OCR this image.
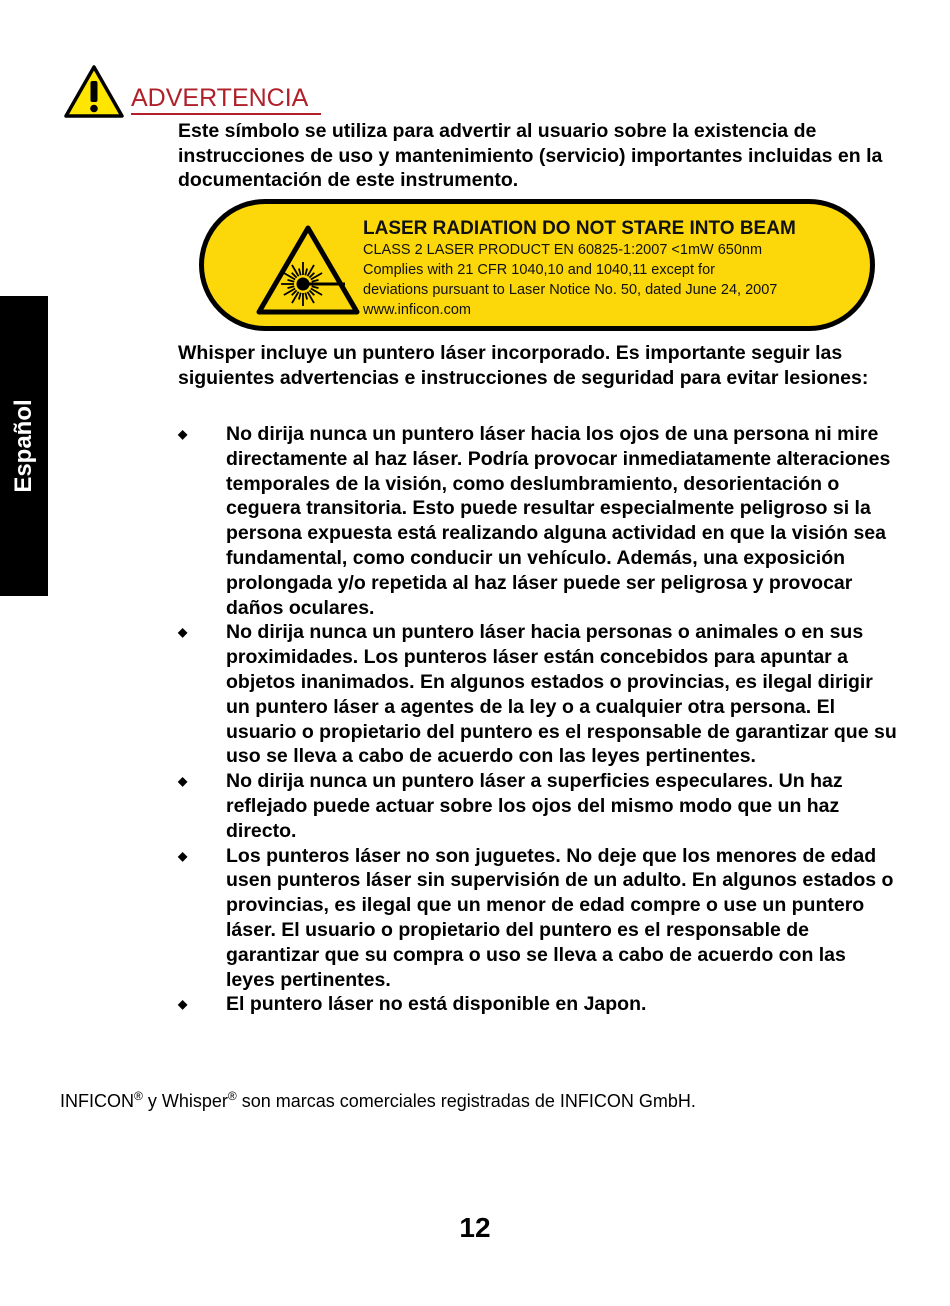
Español
ADVERTENCIA
Este símbolo se utiliza para advertir al usuario sobre la existencia de instrucciones de uso y mantenimiento (servicio) importantes incluidas en la documentación de este instrumento.
LASER RADIATION DO NOT STARE INTO BEAM
CLASS 2 LASER PRODUCT EN 60825-1:2007 <1mW 650nm
Complies with 21 CFR 1040,10 and 1040,11 except for
deviations pursuant to Laser Notice No. 50, dated June 24, 2007
www.inficon.com
Whisper incluye un puntero láser incorporado. Es importante seguir las siguientes advertencias e instrucciones de seguridad para evitar lesiones:
◆ No dirija nunca un puntero láser hacia los ojos de una persona ni mire directamente al haz láser. Podría provocar inmediatamente alteraciones temporales de la visión, como deslumbramiento, desorientación o ceguera transitoria. Esto puede resultar especialmente peligroso si la persona expuesta está realizando alguna actividad en que la visión sea fundamental, como conducir un vehículo. Además, una exposición prolongada y/o repetida al haz láser puede ser peligrosa y provocar daños oculares.
◆ No dirija nunca un puntero láser hacia personas o animales o en sus proximidades. Los punteros láser están concebidos para apuntar a objetos inanimados. En algunos estados o provincias, es ilegal dirigir un puntero láser a agentes de la ley o a cualquier otra persona. El usuario o propietario del puntero es el responsable de garantizar que su uso se lleva a cabo de acuerdo con las leyes pertinentes.
◆ No dirija nunca un puntero láser a superficies especulares. Un haz reflejado puede actuar sobre los ojos del mismo modo que un haz directo.
◆ Los punteros láser no son juguetes. No deje que los menores de edad usen punteros láser sin supervisión de un adulto. En algunos estados o provincias, es ilegal que un menor de edad compre o use un puntero láser. El usuario o propietario del puntero es el responsable de garantizar que su compra o uso se lleva a cabo de acuerdo con las leyes pertinentes.
◆ El puntero láser no está disponible en Japon.
INFICON® y Whisper® son marcas comerciales registradas de INFICON GmbH.
12
